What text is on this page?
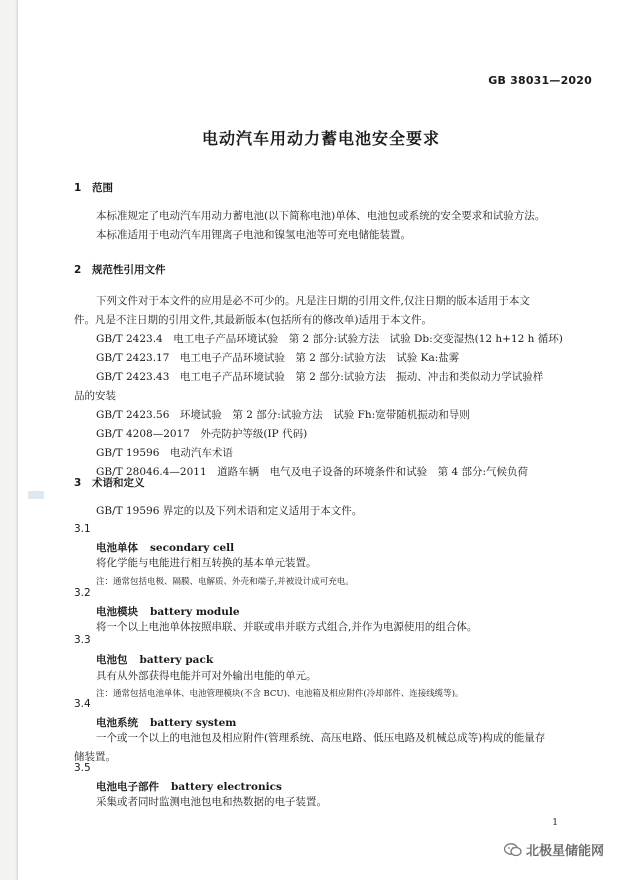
GB 38031—2020
电动汽车用动力蓄电池安全要求
1 范围
本标准规定了电动汽车用动力蓄电池(以下简称电池)单体、电池包或系统的安全要求和试验方法。
本标准适用于电动汽车用锂离子电池和镍氢电池等可充电储能装置。
2 规范性引用文件
下列文件对于本文件的应用是必不可少的。凡是注日期的引用文件,仅注日期的版本适用于本文
件。凡是不注日期的引用文件,其最新版本(包括所有的修改单)适用于本文件。
GB/T 2423.4　电工电子产品环境试验　第 2 部分:试验方法　试验 Db:交变湿热(12 h+12 h 循环)
GB/T 2423.17　电工电子产品环境试验　第 2 部分:试验方法　试验 Ka:盐雾
GB/T 2423.43　电工电子产品环境试验　第 2 部分:试验方法　振动、冲击和类似动力学试验样
品的安装
GB/T 2423.56　环境试验　第 2 部分:试验方法　试验 Fh:宽带随机振动和导则
GB/T 4208—2017　外壳防护等级(IP 代码)
GB/T 19596　电动汽车术语
GB/T 28046.4—2011　道路车辆　电气及电子设备的环境条件和试验　第 4 部分:气候负荷
3 术语和定义
GB/T 19596 界定的以及下列术语和定义适用于本文件。
3.1
电池单体 secondary cell
将化学能与电能进行相互转换的基本单元装置。
注：通常包括电极、隔膜、电解质、外壳和端子,并被设计成可充电。
3.2
电池模块 battery module
将一个以上电池单体按照串联、并联或串并联方式组合,并作为电源使用的组合体。
3.3
电池包 battery pack
具有从外部获得电能并可对外输出电能的单元。
注：通常包括电池单体、电池管理模块(不含 BCU)、电池箱及相应附件(冷却部件、连接线缆等)。
3.4
电池系统 battery system
一个或一个以上的电池包及相应附件(管理系统、高压电路、低压电路及机械总成等)构成的能量存
储装置。
3.5
电池电子部件 battery electronics
采集或者同时监测电池包电和热数据的电子装置。
1
北极星储能网
